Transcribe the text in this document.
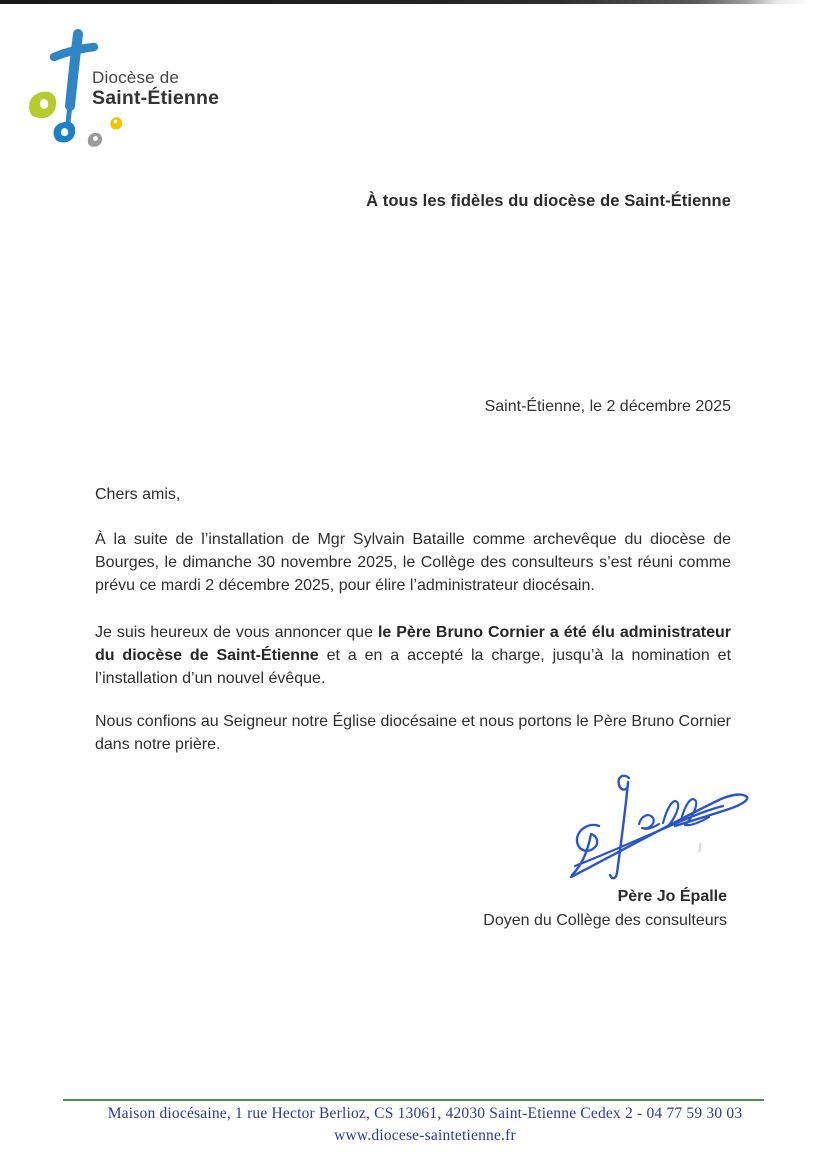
Diocèse de
Saint-Étienne
À tous les fidèles du diocèse de Saint-Étienne
Saint-Étienne, le 2 décembre 2025
Chers amis,
À la suite de l’installation de Mgr Sylvain Bataille comme archevêque du diocèse de Bourges, le dimanche 30 novembre 2025, le Collège des consulteurs s’est réuni comme prévu ce mardi 2 décembre 2025, pour élire l’administrateur diocésain.
Je suis heureux de vous annoncer que le Père Bruno Cornier a été élu administrateur du diocèse de Saint-Étienne et a en a accepté la charge, jusqu’à la nomination et l’installation d’un nouvel évêque.
Nous confions au Seigneur notre Église diocésaine et nous portons le Père Bruno Cornier dans notre prière.
Père Jo Épalle
Doyen du Collège des consulteurs
Maison diocésaine, 1 rue Hector Berlioz, CS 13061, 42030 Saint-Etienne Cedex 2 - 04 77 59 30 03
www.diocese-saintetienne.fr
